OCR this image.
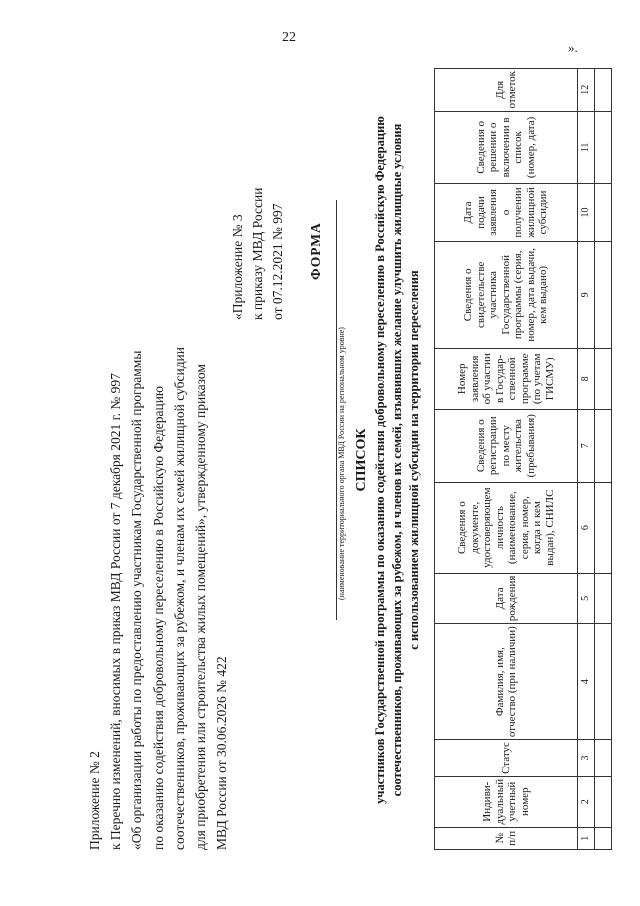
22
».
Приложение № 2 к Перечню изменений, вносимых в приказ МВД России от 7 декабря 2021 г. № 997 «Об организации работы по предоставлению участникам Государственной программы по оказанию содействия добровольному переселению в Российскую Федерацию соотечественников, проживающих за рубежом, и членам их семей жилищной субсидии для приобретения или строительства жилых помещений», утвержденному приказом МВД России от 30.06.2026 № 422
«Приложение № 3 к приказу МВД России от 07.12.2021 № 997 ФОРМА
(наименование территориального органа МВД России на региональном уровне) СПИСОК участников Государственной программы по оказанию содействия добровольному переселению в Российскую Федерацию соотечественников, проживающих за рубежом, и членов их семей, изъявивших желание улучшить жилищные условия с использованием жилищной субсидии на территории переселения
№ п/п	Индиви-дуальный учетный номер	Статус	Фамилия, имя, отчество (при наличии)	Дата рождения	Сведения о документе, удостоверяющем личность (наименование, серия, номер, когда и кем выдан), СНИЛС	Сведения о регистрации по месту жительства (пребывания)	Номер заявления об участии в Государ-ственной программе (по учетам ГИСМУ)	Сведения о свидетельстве участника Государственной программы (серия, номер, дата выдачи, кем выдано)	Дата подачи заявления о получении жилищной субсидии	Сведения о решении о включении в список (номер, дата)	Для отметок
1	2	3	4	5	6	7	8	9	10	11	12
